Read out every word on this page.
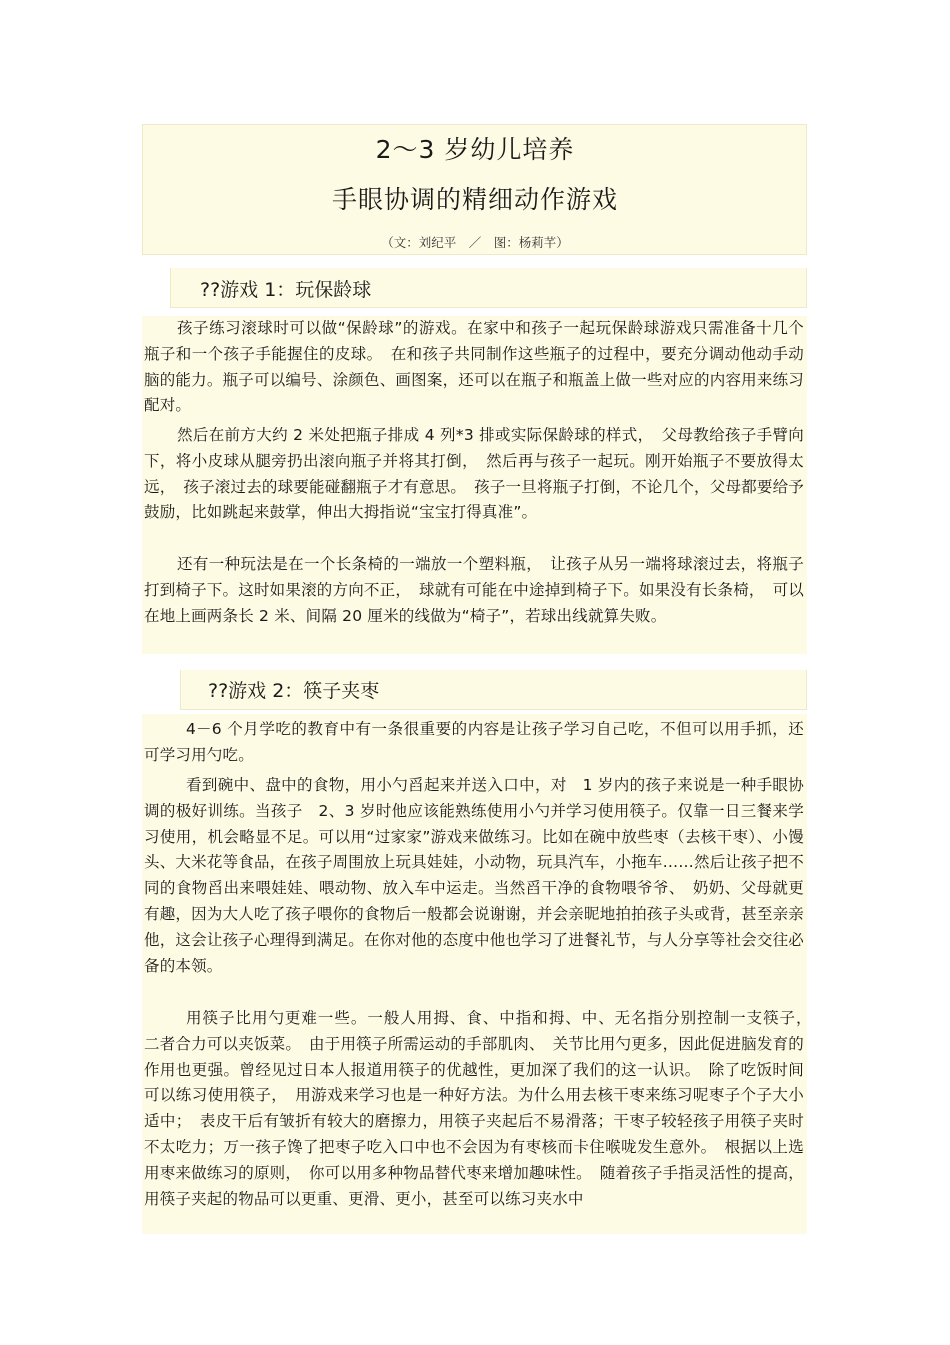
2～3 岁幼儿培养
手眼协调的精细动作游戏
（文：刘纪平　／　图：杨莉芊）
??游戏 1：玩保龄球
孩子练习滚球时可以做“保龄球”的游戏。在家中和孩子一起玩保龄球游戏只需准备十几个瓶子和一个孩子手能握住的皮球。　在和孩子共同制作这些瓶子的过程中，要充分调动他动手动脑的能力。瓶子可以编号、涂颜色、画图案，还可以在瓶子和瓶盖上做一些对应的内容用来练习配对。
然后在前方大约 2 米处把瓶子排成 4 列*3 排或实际保龄球的样式，　父母教给孩子手臂向下，将小皮球从腿旁扔出滚向瓶子并将其打倒，　然后再与孩子一起玩。刚开始瓶子不要放得太远，　孩子滚过去的球要能碰翻瓶子才有意思。　孩子一旦将瓶子打倒，不论几个，父母都要给予鼓励，比如跳起来鼓掌，伸出大拇指说“宝宝打得真准”。
还有一种玩法是在一个长条椅的一端放一个塑料瓶，　让孩子从另一端将球滚过去，将瓶子打到椅子下。这时如果滚的方向不正，　球就有可能在中途掉到椅子下。如果没有长条椅，　可以在地上画两条长 2 米、间隔 20 厘米的线做为“椅子”，若球出线就算失败。
??游戏 2：筷子夹枣
4－6 个月学吃的教育中有一条很重要的内容是让孩子学习自己吃，不但可以用手抓，还可学习用勺吃。
看到碗中、盘中的食物，用小勺舀起来并送入口中，对　1 岁内的孩子来说是一种手眼协调的极好训练。当孩子　2、3 岁时他应该能熟练使用小勺并学习使用筷子。仅靠一日三餐来学习使用，机会略显不足。可以用“过家家”游戏来做练习。比如在碗中放些枣（去核干枣）、小馒头、大米花等食品，在孩子周围放上玩具娃娃，小动物，玩具汽车，小拖车……然后让孩子把不同的食物舀出来喂娃娃、喂动物、放入车中运走。当然舀干净的食物喂爷爷、　奶奶、父母就更有趣，因为大人吃了孩子喂你的食物后一般都会说谢谢，并会亲昵地拍拍孩子头或背，甚至亲亲他，这会让孩子心理得到满足。在你对他的态度中他也学习了进餐礼节，与人分享等社会交往必备的本领。
用筷子比用勺更难一些。一般人用拇、食、中指和拇、中、无名指分别控制一支筷子，　二者合力可以夹饭菜。　由于用筷子所需运动的手部肌肉、　关节比用勺更多，因此促进脑发育的作用也更强。曾经见过日本人报道用筷子的优越性，更加深了我们的这一认识。　除了吃饭时间可以练习使用筷子，　用游戏来学习也是一种好方法。为什么用去核干枣来练习呢枣子个子大小适中；　表皮干后有皱折有较大的磨擦力，用筷子夹起后不易滑落；干枣子较轻孩子用筷子夹时不太吃力；万一孩子馋了把枣子吃入口中也不会因为有枣核而卡住喉咙发生意外。　根据以上选用枣来做练习的原则，　你可以用多种物品替代枣来增加趣味性。　随着孩子手指灵活性的提高，用筷子夹起的物品可以更重、更滑、更小，甚至可以练习夹水中
